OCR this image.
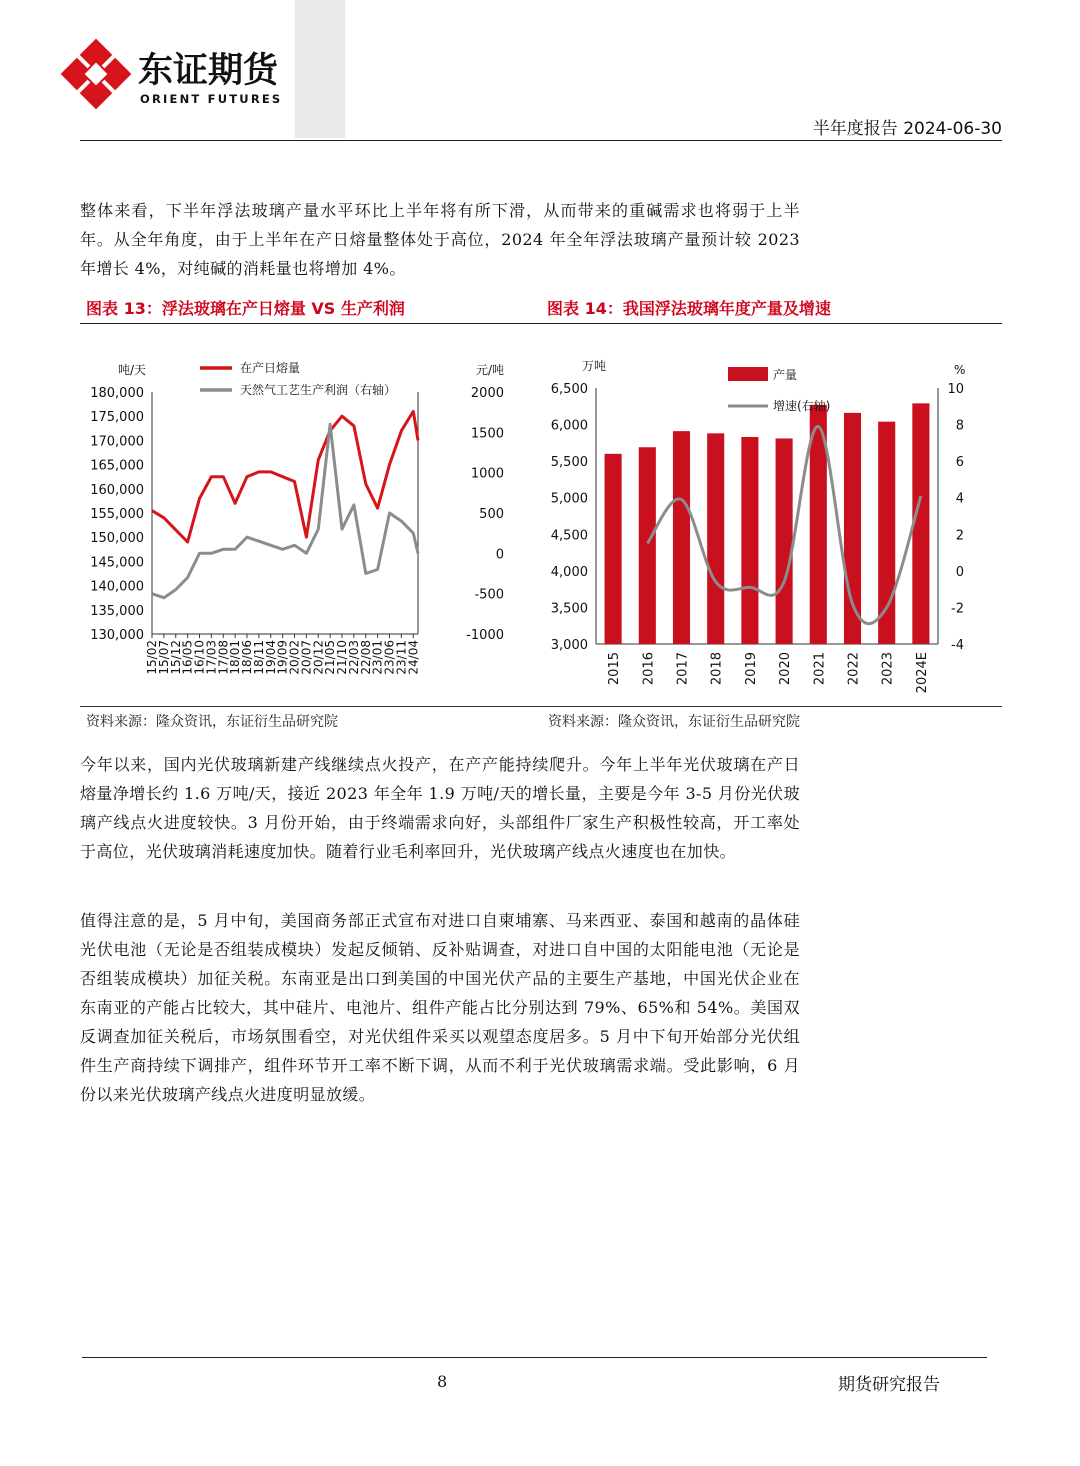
东证期货
ORIENT FUTURES
半年度报告 2024-06-30

整体来看，下半年浮法玻璃产量水平环比上半年将有所下滑，从而带来的重碱需求也将弱于上半年。从全年角度，由于上半年在产日熔量整体处于高位，2024 年全年浮法玻璃产量预计较 2023 年增长 4%，对纯碱的消耗量也将增加 4%。

图表 13：浮法玻璃在产日熔量 VS 生产利润	图表 14：我国浮法玻璃年度产量及增速
吨/天	元/吨
130,000
135,000
140,000
145,000
150,000
155,000
160,000
165,000
170,000
175,000
180,000
-1000
-500
0
500
1000
1500
2000
15/02
15/07
15/12
16/05
16/10
17/03
17/08
18/01
18/06
18/11
19/04
19/09
20/02
20/07
20/12
21/05
21/10
22/03
22/08
23/01
23/06
23/11
24/04
在产日熔量
天然气工艺生产利润（右轴）
万吨	%
3,000
3,500
4,000
4,500
5,000
5,500
6,000
6,500
-4
-2
0
2
4
6
8
10
2015 2016 2017 2018 2019 2020 2021 2022 2023 2024E
产量
增速(右轴)
资料来源：隆众资讯，东证衍生品研究院	资料来源：隆众资讯，东证衍生品研究院

今年以来，国内光伏玻璃新建产线继续点火投产，在产产能持续爬升。今年上半年光伏玻璃在产日熔量净增长约 1.6 万吨/天，接近 2023 年全年 1.9 万吨/天的增长量，主要是今年 3-5 月份光伏玻璃产线点火进度较快。3 月份开始，由于终端需求向好，头部组件厂家生产积极性较高，开工率处于高位，光伏玻璃消耗速度加快。随着行业毛利率回升，光伏玻璃产线点火速度也在加快。

值得注意的是，5 月中旬，美国商务部正式宣布对进口自柬埔寨、马来西亚、泰国和越南的晶体硅光伏电池（无论是否组装成模块）发起反倾销、反补贴调查，对进口自中国的太阳能电池（无论是否组装成模块）加征关税。东南亚是出口到美国的中国光伏产品的主要生产基地，中国光伏企业在东南亚的产能占比较大，其中硅片、电池片、组件产能占比分别达到 79%、65%和 54%。美国双反调查加征关税后，市场氛围看空，对光伏组件采买以观望态度居多。5 月中下旬开始部分光伏组件生产商持续下调排产，组件环节开工率不断下调，从而不利于光伏玻璃需求端。受此影响，6 月份以来光伏玻璃产线点火进度明显放缓。

8	期货研究报告
